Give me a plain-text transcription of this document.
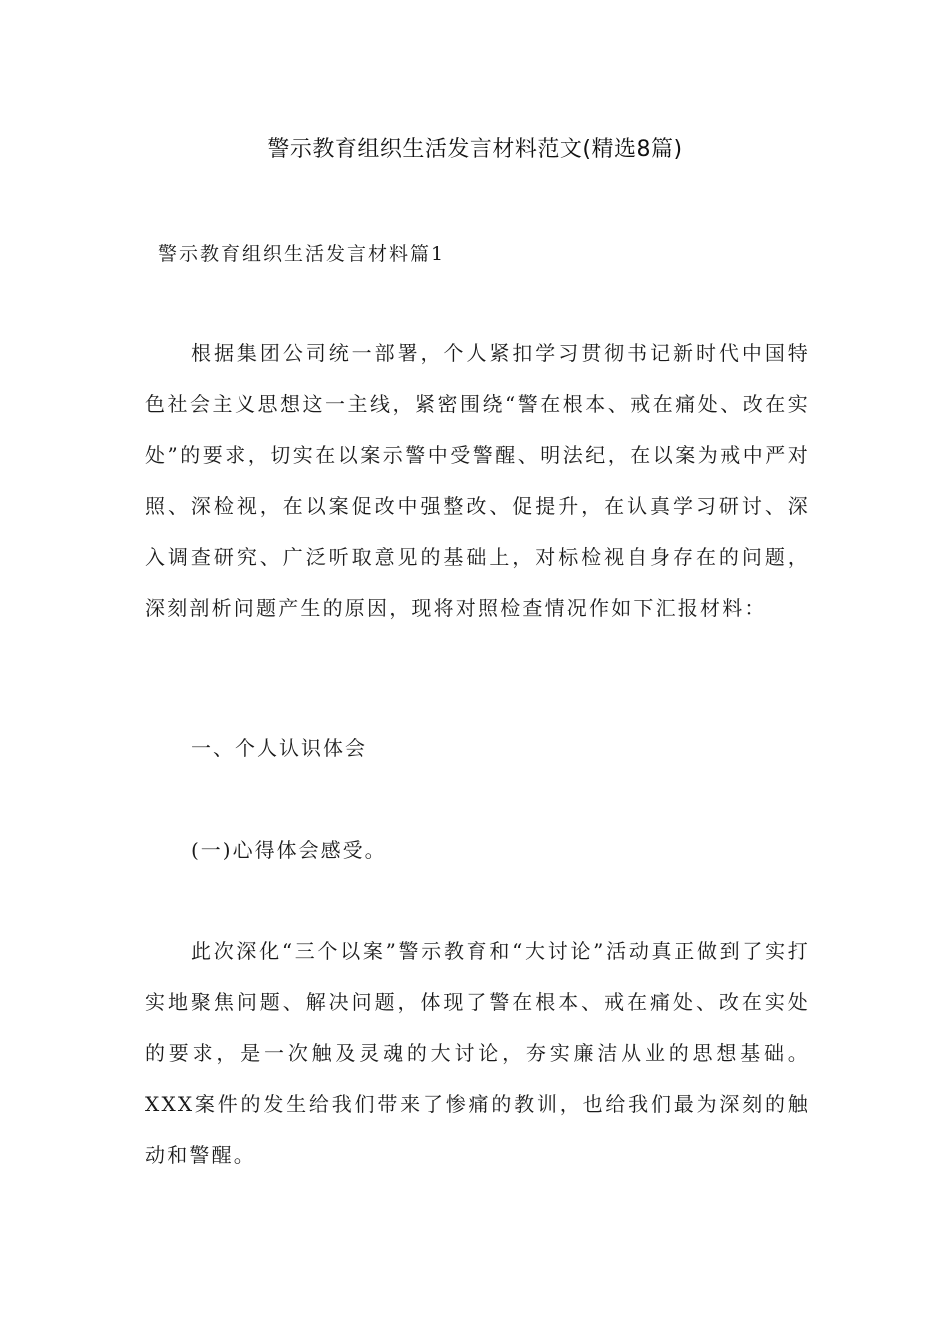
警示教育组织生活发言材料范文(精选8篇)
警示教育组织生活发言材料篇1

根据集团公司统一部署，个人紧扣学习贯彻书记新时代中国特色社会主义思想这一主线，紧密围绕“警在根本、戒在痛处、改在实处”的要求，切实在以案示警中受警醒、明法纪，在以案为戒中严对照、深检视，在以案促改中强整改、促提升，在认真学习研讨、深入调查研究、广泛听取意见的基础上，对标检视自身存在的问题，深刻剖析问题产生的原因，现将对照检查情况作如下汇报材料：

一、个人认识体会

(一)心得体会感受。

此次深化“三个以案”警示教育和“大讨论”活动真正做到了实打实地聚焦问题、解决问题，体现了警在根本、戒在痛处、改在实处的要求，是一次触及灵魂的大讨论，夯实廉洁从业的思想基础。XXX案件的发生给我们带来了惨痛的教训，也给我们最为深刻的触动和警醒。
